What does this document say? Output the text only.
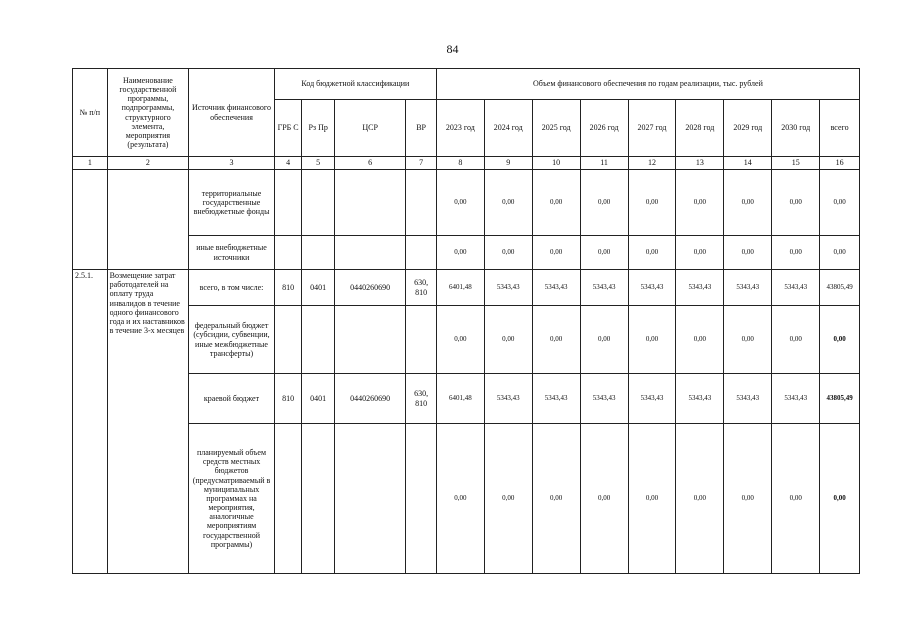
84
№ п/п	Наименование государственной программы, подпрограммы, структурного элемента, мероприятия (результата)	Источник финансового обеспечения	Код бюджетной классификации				Объем финансового обеспечения по годам реализации, тыс. рублей								
			ГРБ С	Рз Пр	ЦСР	ВР	2023 год	2024 год	2025 год	2026 год	2027 год	2028 год	2029 год	2030 год	всего
1	2	3	4	5	6	7	8	9	10	11	12	13	14	15	16
		территориальные государственные внебюджетные фонды					0,00	0,00	0,00	0,00	0,00	0,00	0,00	0,00	0,00
		иные внебюджетные источники					0,00	0,00	0,00	0,00	0,00	0,00	0,00	0,00	0,00
2.5.1.	Возмещение затрат работодателей на оплату труда инвалидов в течение одного финансового года и их наставников в течение 3-х месяцев	всего, в том числе:	810	0401	0440260690	630, 810	6401,48	5343,43	5343,43	5343,43	5343,43	5343,43	5343,43	5343,43	43805,49
		федеральный бюджет (субсидии, субвенции, иные межбюджетные трансферты)					0,00	0,00	0,00	0,00	0,00	0,00	0,00	0,00	0,00
		краевой бюджет	810	0401	0440260690	630, 810	6401,48	5343,43	5343,43	5343,43	5343,43	5343,43	5343,43	5343,43	43805,49
		планируемый объем средств местных бюджетов (предусматриваемый в муниципальных программах на мероприятия, аналогичные мероприятиям государственной программы)					0,00	0,00	0,00	0,00	0,00	0,00	0,00	0,00	0,00
